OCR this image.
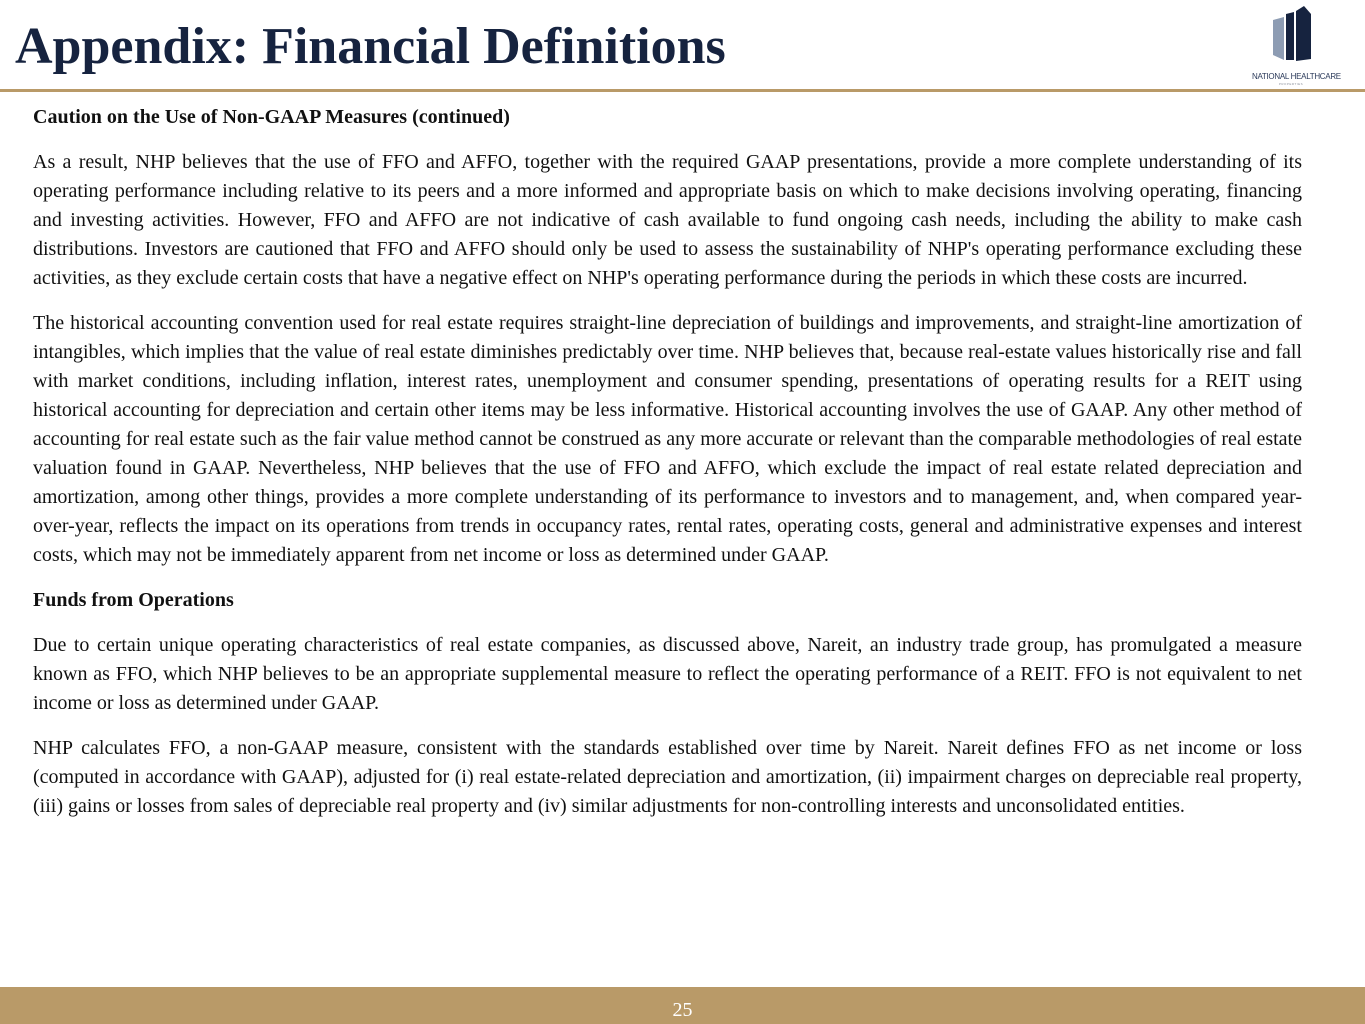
Appendix: Financial Definitions
NATIONAL HEALTHCARE
PROPERTIES

Caution on the Use of Non-GAAP Measures (continued)

As a result, NHP believes that the use of FFO and AFFO, together with the required GAAP presentations, provide a more complete understanding of its operating performance including relative to its peers and a more informed and appropriate basis on which to make decisions involving operating, financing and investing activities. However, FFO and AFFO are not indicative of cash available to fund ongoing cash needs, including the ability to make cash distributions. Investors are cautioned that FFO and AFFO should only be used to assess the sustainability of NHP's operating performance excluding these activities, as they exclude certain costs that have a negative effect on NHP's operating performance during the periods in which these costs are incurred.

The historical accounting convention used for real estate requires straight-line depreciation of buildings and improvements, and straight-line amortization of intangibles, which implies that the value of real estate diminishes predictably over time. NHP believes that, because real-estate values historically rise and fall with market conditions, including inflation, interest rates, unemployment and consumer spending, presentations of operating results for a REIT using historical accounting for depreciation and certain other items may be less informative. Historical accounting involves the use of GAAP. Any other method of accounting for real estate such as the fair value method cannot be construed as any more accurate or relevant than the comparable methodologies of real estate valuation found in GAAP. Nevertheless, NHP believes that the use of FFO and AFFO, which exclude the impact of real estate related depreciation and amortization, among other things, provides a more complete understanding of its performance to investors and to management, and, when compared year-over-year, reflects the impact on its operations from trends in occupancy rates, rental rates, operating costs, general and administrative expenses and interest costs, which may not be immediately apparent from net income or loss as determined under GAAP.

Funds from Operations

Due to certain unique operating characteristics of real estate companies, as discussed above, Nareit, an industry trade group, has promulgated a measure known as FFO, which NHP believes to be an appropriate supplemental measure to reflect the operating performance of a REIT. FFO is not equivalent to net income or loss as determined under GAAP.

NHP calculates FFO, a non-GAAP measure, consistent with the standards established over time by Nareit. Nareit defines FFO as net income or loss (computed in accordance with GAAP), adjusted for (i) real estate-related depreciation and amortization, (ii) impairment charges on depreciable real property, (iii) gains or losses from sales of depreciable real property and (iv) similar adjustments for non-controlling interests and unconsolidated entities.

25
